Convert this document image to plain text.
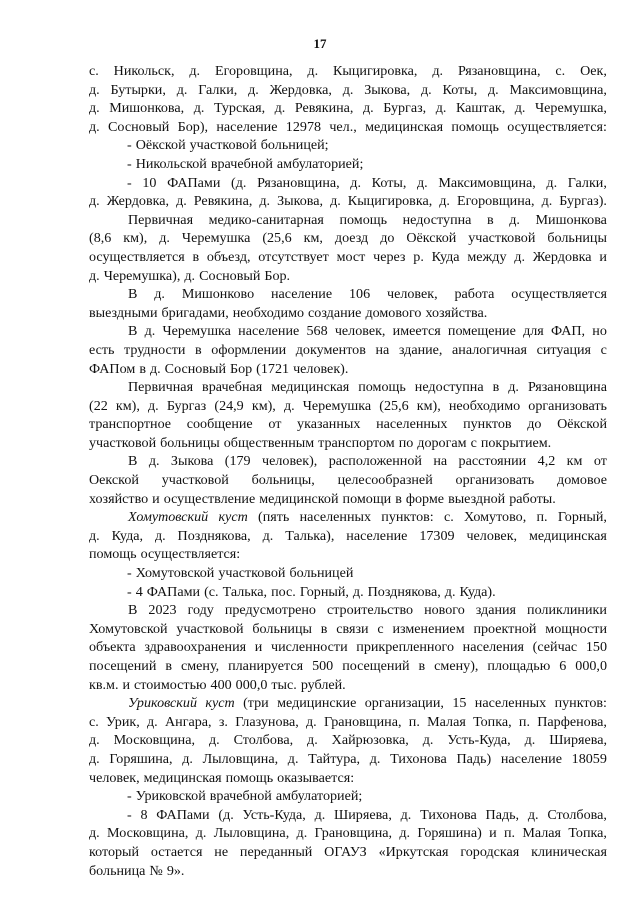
17
с. Никольск, д. Егоровщина, д. Кыцигировка, д. Рязановщина, с. Оек,
д. Бутырки, д. Галки, д. Жердовка, д. Зыкова, д. Коты, д. Максимовщина,
д. Мишонкова, д. Турская, д. Ревякина, д. Бургаз, д. Каштак, д. Черемушка,
д. Сосновый Бор), население 12978 чел., медицинская помощь осуществляется:
- Оёкской участковой больницей;
- Никольской врачебной амбулаторией;
- 10 ФАПами (д. Рязановщина, д. Коты, д. Максимовщина, д. Галки,
д. Жердовка, д. Ревякина, д. Зыкова, д. Кыцигировка, д. Егоровщина, д. Бургаз).
Первичная медико-санитарная помощь недоступна в д. Мишонкова
(8,6 км), д. Черемушка (25,6 км, доезд до Оёкской участковой больницы
осуществляется в объезд, отсутствует мост через р. Куда между д. Жердовка и
д. Черемушка), д. Сосновый Бор.
В д. Мишонково население 106 человек, работа осуществляется
выездными бригадами, необходимо создание домового хозяйства.
В д. Черемушка население 568 человек, имеется помещение для ФАП, но
есть трудности в оформлении документов на здание, аналогичная ситуация с
ФАПом в д. Сосновый Бор (1721 человек).
Первичная врачебная медицинская помощь недоступна в д. Рязановщина
(22 км), д. Бургаз (24,9 км), д. Черемушка (25,6 км), необходимо организовать
транспортное сообщение от указанных населенных пунктов до Оёкской
участковой больницы общественным транспортом по дорогам с покрытием.
В д. Зыкова (179 человек), расположенной на расстоянии 4,2 км от
Оекской участковой больницы, целесообразней организовать домовое
хозяйство и осуществление медицинской помощи в форме выездной работы.
Хомутовский куст (пять населенных пунктов: с. Хомутово, п. Горный,
д. Куда, д. Позднякова, д. Талька), население 17309 человек, медицинская
помощь осуществляется:
- Хомутовской участковой больницей
- 4 ФАПами (с. Талька, пос. Горный, д. Позднякова, д. Куда).
В 2023 году предусмотрено строительство нового здания поликлиники
Хомутовской участковой больницы в связи с изменением проектной мощности
объекта здравоохранения и численности прикрепленного населения (сейчас 150
посещений в смену, планируется 500 посещений в смену), площадью 6 000,0
кв.м. и стоимостью 400 000,0 тыс. рублей.
Уриковский куст (три медицинские организации, 15 населенных пунктов:
с. Урик, д. Ангара, з. Глазунова, д. Грановщина, п. Малая Топка, п. Парфенова,
д. Московщина, д. Столбова, д. Хайрюзовка, д. Усть-Куда, д. Ширяева,
д. Горяшина, д. Лыловщина, д. Тайтура, д. Тихонова Падь) население 18059
человек, медицинская помощь оказывается:
- Уриковской врачебной амбулаторией;
- 8 ФАПами (д. Усть-Куда, д. Ширяева, д. Тихонова Падь, д. Столбова,
д. Московщина, д. Лыловщина, д. Грановщина, д. Горяшина) и п. Малая Топка,
который остается не переданный ОГАУЗ «Иркутская городская клиническая
больница № 9».
